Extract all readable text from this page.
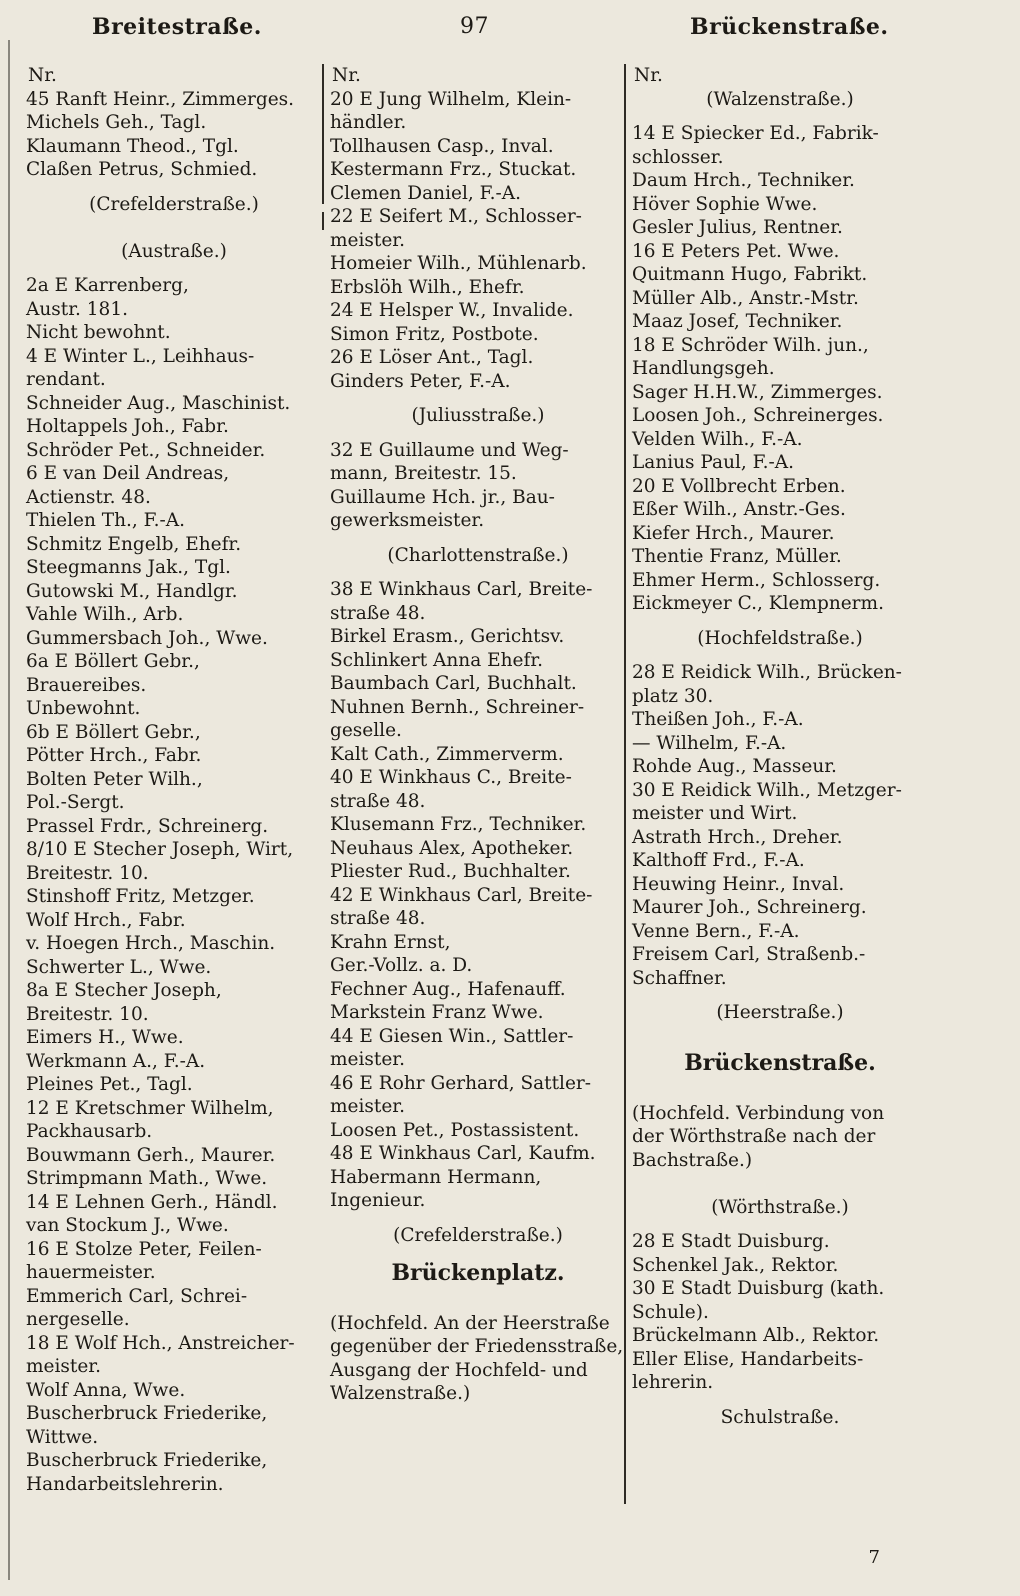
Breitestraße.	97	Brückenstraße.
Nr.
45 Ranft Heinr., Zimmerges.
Michels Geh., Tagl.
Klaumann Theod., Tgl.
Claßen Petrus, Schmied.
(Crefelderstraße.)
(Austraße.)
2a E Karrenberg,
Austr. 181.
Nicht bewohnt.
4 E Winter L., Leihhaus-
rendant.
Schneider Aug., Maschinist.
Holtappels Joh., Fabr.
Schröder Pet., Schneider.
6 E van Deil Andreas,
Actienstr. 48.
Thielen Th., F.-A.
Schmitz Engelb, Ehefr.
Steegmanns Jak., Tgl.
Gutowski M., Handlgr.
Vahle Wilh., Arb.
Gummersbach Joh., Wwe.
6a E Böllert Gebr.,
Brauereibes.
Unbewohnt.
6b E Böllert Gebr.,
Pötter Hrch., Fabr.
Bolten Peter Wilh.,
Pol.-Sergt.
Prassel Frdr., Schreinerg.
8/10 E Stecher Joseph, Wirt,
Breitestr. 10.
Stinshoff Fritz, Metzger.
Wolf Hrch., Fabr.
v. Hoegen Hrch., Maschin.
Schwerter L., Wwe.
8a E Stecher Joseph,
Breitestr. 10.
Eimers H., Wwe.
Werkmann A., F.-A.
Pleines Pet., Tagl.
12 E Kretschmer Wilhelm,
Packhausarb.
Bouwmann Gerh., Maurer.
Strimpmann Math., Wwe.
14 E Lehnen Gerh., Händl.
van Stockum J., Wwe.
16 E Stolze Peter, Feilen-
hauermeister.
Emmerich Carl, Schrei-
nergeselle.
18 E Wolf Hch., Anstreicher-
meister.
Wolf Anna, Wwe.
Buscherbruck Friederike,
Wittwe.
Buscherbruck Friederike,
Handarbeitslehrerin.
Nr.
20 E Jung Wilhelm, Klein-
händler.
Tollhausen Casp., Inval.
Kestermann Frz., Stuckat.
Clemen Daniel, F.-A.
22 E Seifert M., Schlosser-
meister.
Homeier Wilh., Mühlenarb.
Erbslöh Wilh., Ehefr.
24 E Helsper W., Invalide.
Simon Fritz, Postbote.
26 E Löser Ant., Tagl.
Ginders Peter, F.-A.
(Juliusstraße.)
32 E Guillaume und Weg-
mann, Breitestr. 15.
Guillaume Hch. jr., Bau-
gewerksmeister.
(Charlottenstraße.)
38 E Winkhaus Carl, Breite-
straße 48.
Birkel Erasm., Gerichtsv.
Schlinkert Anna Ehefr.
Baumbach Carl, Buchhalt.
Nuhnen Bernh., Schreiner-
geselle.
Kalt Cath., Zimmerverm.
40 E Winkhaus C., Breite-
straße 48.
Klusemann Frz., Techniker.
Neuhaus Alex, Apotheker.
Pliester Rud., Buchhalter.
42 E Winkhaus Carl, Breite-
straße 48.
Krahn Ernst,
Ger.-Vollz. a. D.
Fechner Aug., Hafenauff.
Markstein Franz Wwe.
44 E Giesen Win., Sattler-
meister.
46 E Rohr Gerhard, Sattler-
meister.
Loosen Pet., Postassistent.
48 E Winkhaus Carl, Kaufm.
Habermann Hermann,
Ingenieur.
(Crefelderstraße.)
Brückenplatz.
(Hochfeld. An der Heerstraße
gegenüber der Friedensstraße,
Ausgang der Hochfeld- und
Walzenstraße.)
Nr.
(Walzenstraße.)
14 E Spiecker Ed., Fabrik-
schlosser.
Daum Hrch., Techniker.
Höver Sophie Wwe.
Gesler Julius, Rentner.
16 E Peters Pet. Wwe.
Quitmann Hugo, Fabrikt.
Müller Alb., Anstr.-Mstr.
Maaz Josef, Techniker.
18 E Schröder Wilh. jun.,
Handlungsgeh.
Sager H.H.W., Zimmerges.
Loosen Joh., Schreinerges.
Velden Wilh., F.-A.
Lanius Paul, F.-A.
20 E Vollbrecht Erben.
Eßer Wilh., Anstr.-Ges.
Kiefer Hrch., Maurer.
Thentie Franz, Müller.
Ehmer Herm., Schlosserg.
Eickmeyer C., Klempnerm.
(Hochfeldstraße.)
28 E Reidick Wilh., Brücken-
platz 30.
Theißen Joh., F.-A.
— Wilhelm, F.-A.
Rohde Aug., Masseur.
30 E Reidick Wilh., Metzger-
meister und Wirt.
Astrath Hrch., Dreher.
Kalthoff Frd., F.-A.
Heuwing Heinr., Inval.
Maurer Joh., Schreinerg.
Venne Bern., F.-A.
Freisem Carl, Straßenb.-
Schaffner.
(Heerstraße.)
Brückenstraße.
(Hochfeld. Verbindung von
der Wörthstraße nach der
Bachstraße.)
(Wörthstraße.)
28 E Stadt Duisburg.
Schenkel Jak., Rektor.
30 E Stadt Duisburg (kath.
Schule).
Brückelmann Alb., Rektor.
Eller Elise, Handarbeits-
lehrerin.
Schulstraße.
7
